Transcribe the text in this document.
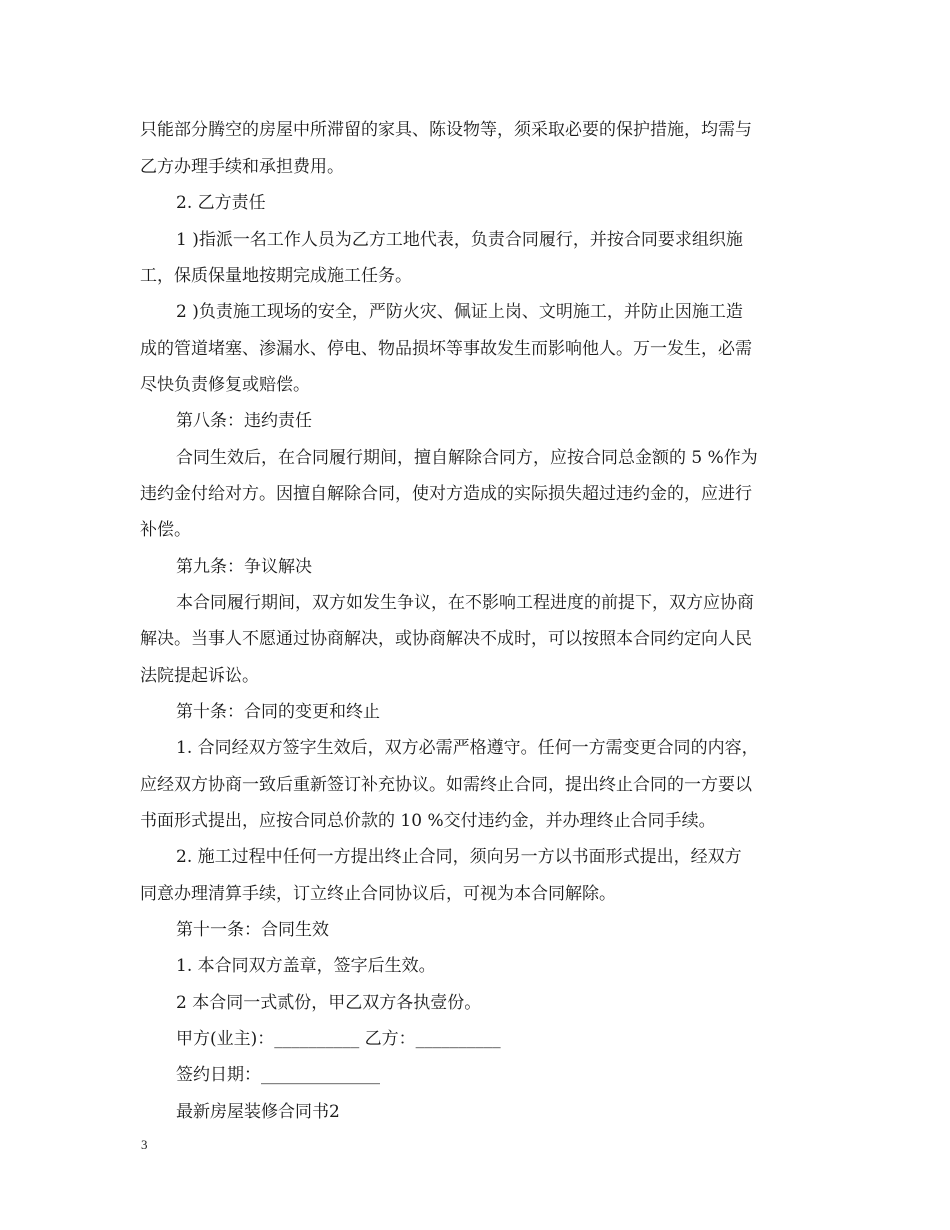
只能部分腾空的房屋中所滞留的家具、陈设物等，须采取必要的保护措施，均需与
乙方办理手续和承担费用。
2. 乙方责任
1 )指派一名工作人员为乙方工地代表，负责合同履行，并按合同要求组织施
工，保质保量地按期完成施工任务。
2 )负责施工现场的安全，严防火灾、佩证上岗、文明施工，并防止因施工造
成的管道堵塞、渗漏水、停电、物品损坏等事故发生而影响他人。万一发生，必需
尽快负责修复或赔偿。
第八条：违约责任
合同生效后，在合同履行期间，擅自解除合同方，应按合同总金额的 5 %作为
违约金付给对方。因擅自解除合同，使对方造成的实际损失超过违约金的，应进行
补偿。
第九条：争议解决
本合同履行期间，双方如发生争议，在不影响工程进度的前提下，双方应协商
解决。当事人不愿通过协商解决，或协商解决不成时，可以按照本合同约定向人民
法院提起诉讼。
第十条：合同的变更和终止
1. 合同经双方签字生效后，双方必需严格遵守。任何一方需变更合同的内容，
应经双方协商一致后重新签订补充协议。如需终止合同，提出终止合同的一方要以
书面形式提出，应按合同总价款的 10 %交付违约金，并办理终止合同手续。
2. 施工过程中任何一方提出终止合同，须向另一方以书面形式提出，经双方
同意办理清算手续，订立终止合同协议后，可视为本合同解除。
第十一条：合同生效
1. 本合同双方盖章，签字后生效。
2 本合同一式贰份，甲乙双方各执壹份。
甲方(业主)：__________ 乙方：__________
签约日期：______________
最新房屋装修合同书2
3
